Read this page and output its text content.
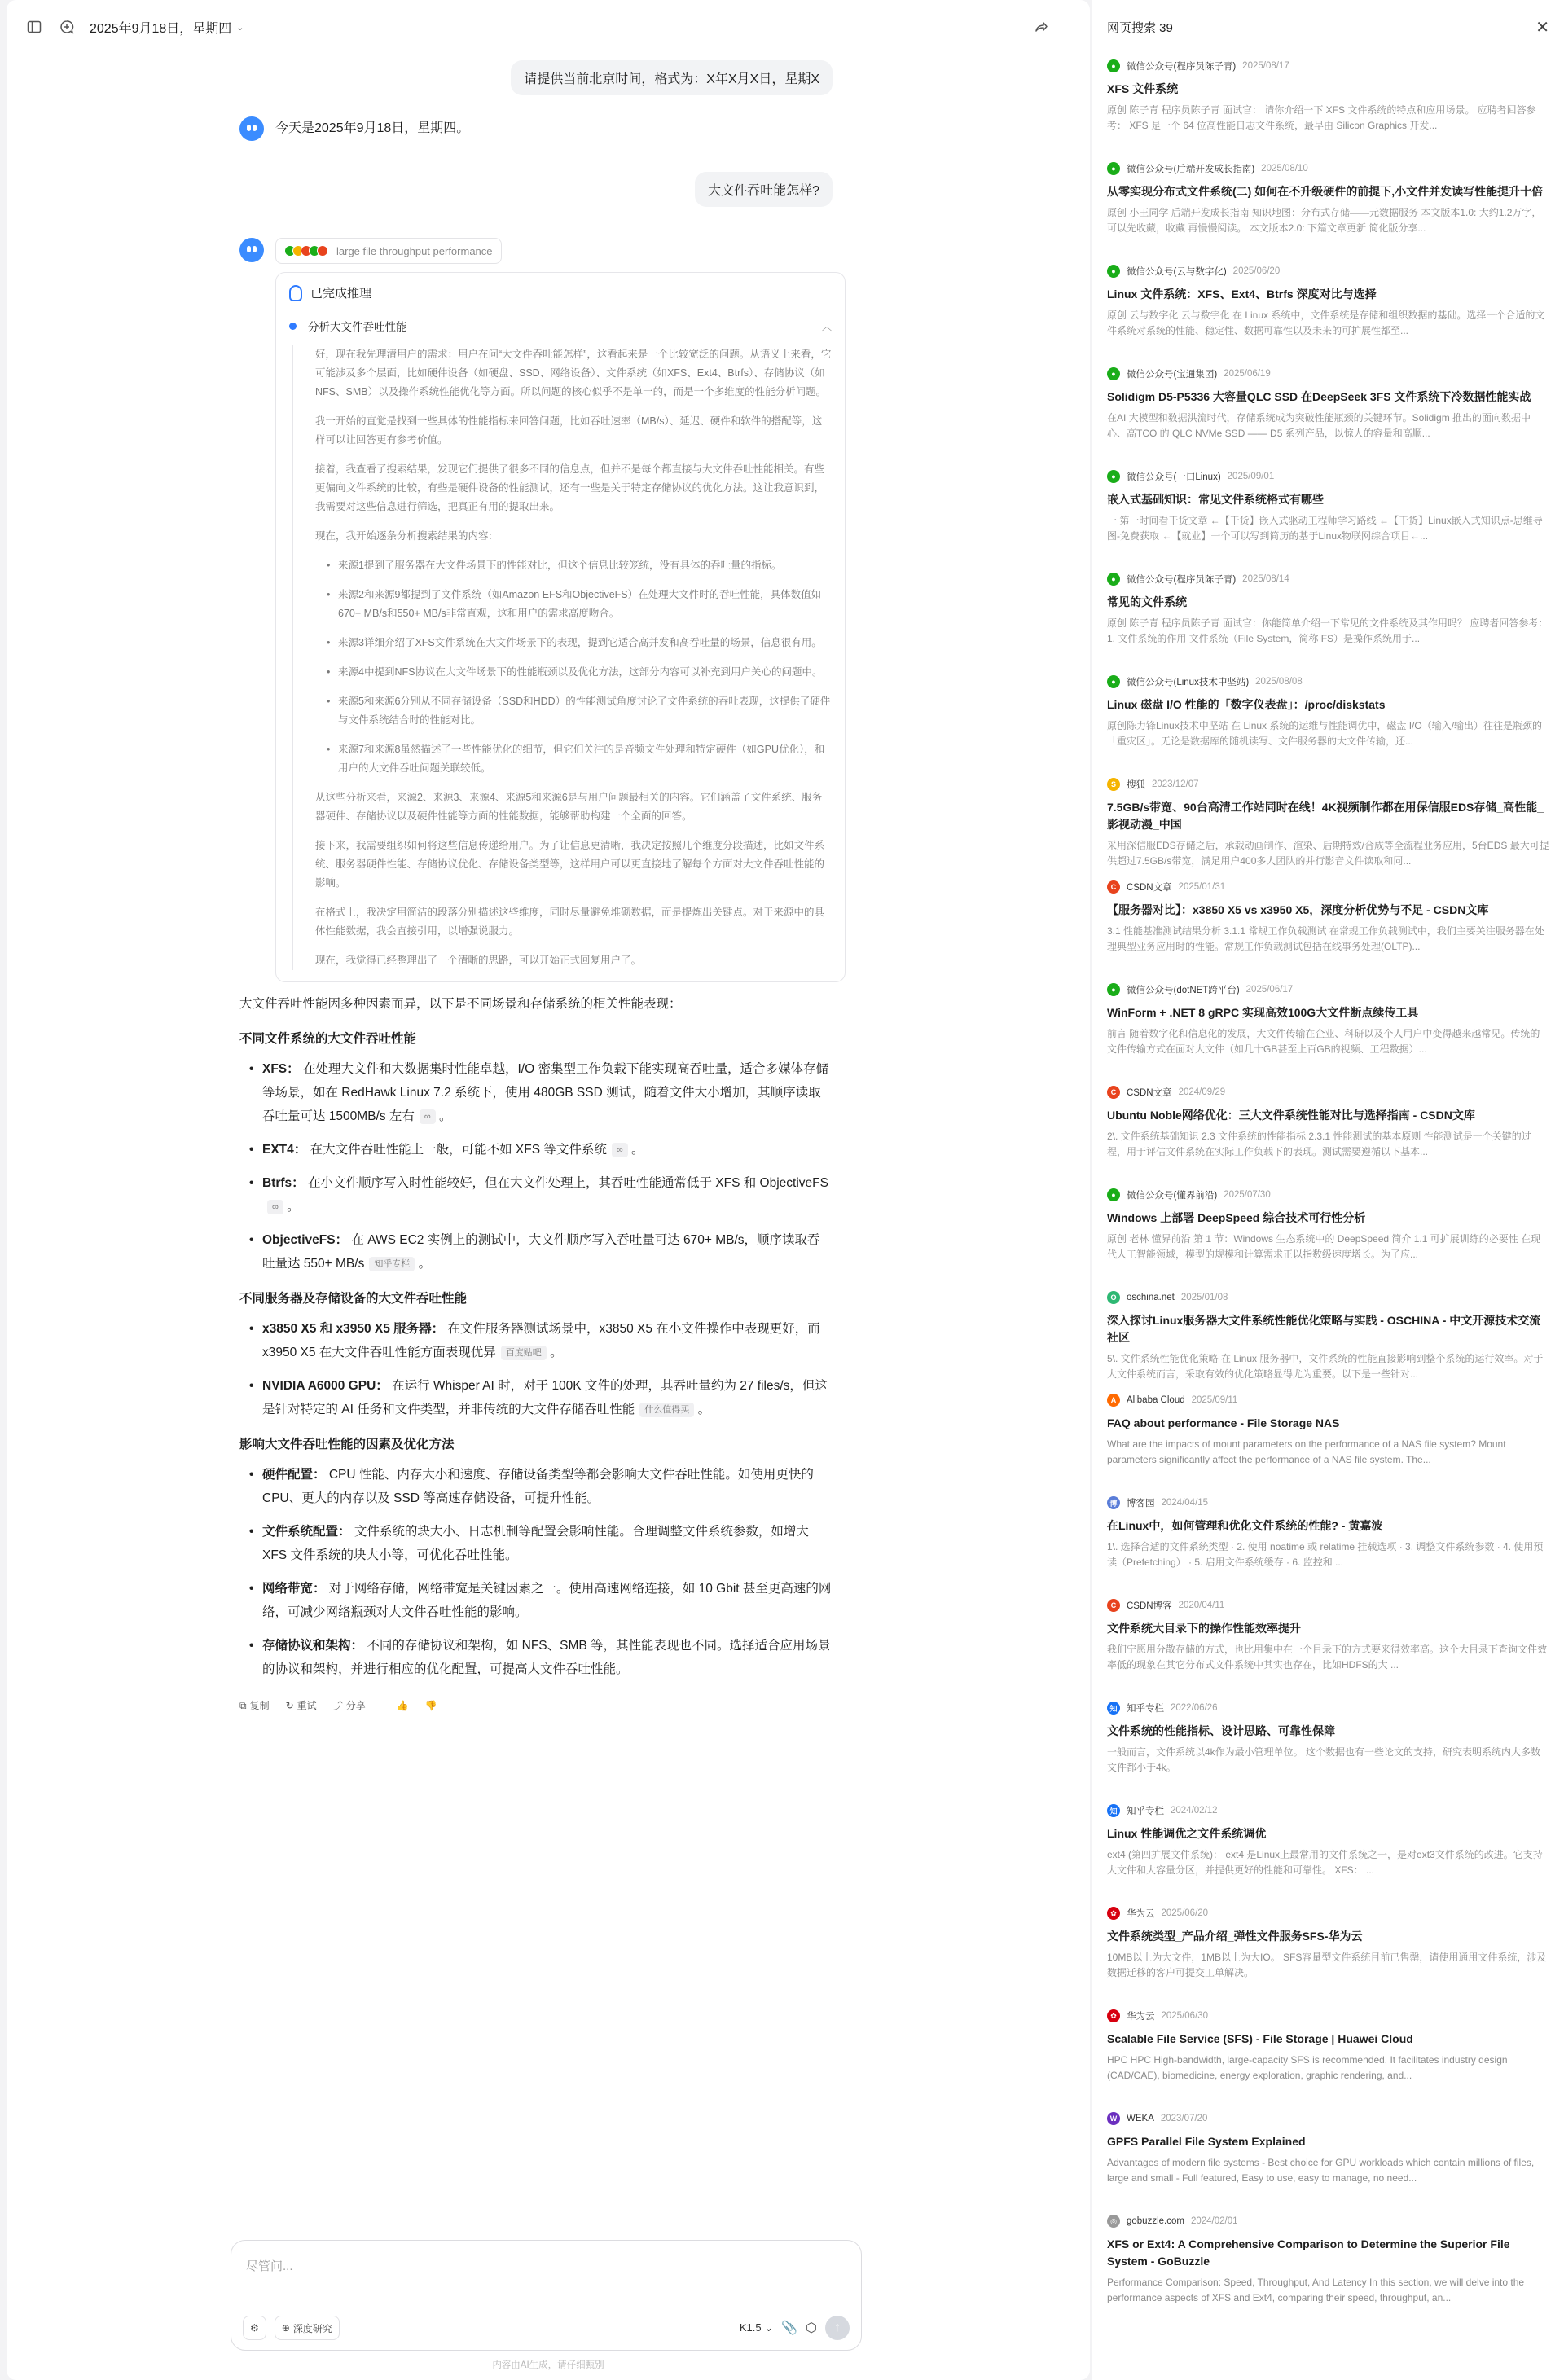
2025年9月18日，星期四 ⌄
请提供当前北京时间，格式为：X年X月X日，星期X
今天是2025年9月18日，星期四。
大文件吞吐能怎样?
large file throughput performance
已完成推理
分析大文件吞吐性能	︿

好，现在我先理清用户的需求：用户在问“大文件吞吐能怎样”，这看起来是一个比较宽泛的问题。从语义上来看，它可能涉及多个层面，比如硬件设备（如硬盘、SSD、网络设备）、文件系统（如XFS、Ext4、Btrfs）、存储协议（如NFS、SMB）以及操作系统性能优化等方面。所以问题的核心似乎不是单一的，而是一个多维度的性能分析问题。

我一开始的直觉是找到一些具体的性能指标来回答问题，比如吞吐速率（MB/s）、延迟、硬件和软件的搭配等，这样可以让回答更有参考价值。

接着，我查看了搜索结果，发现它们提供了很多不同的信息点，但并不是每个都直接与大文件吞吐性能相关。有些更偏向文件系统的比较，有些是硬件设备的性能测试，还有一些是关于特定存储协议的优化方法。这让我意识到，我需要对这些信息进行筛选，把真正有用的提取出来。

现在，我开始逐条分析搜索结果的内容：

• 来源1提到了服务器在大文件场景下的性能对比，但这个信息比较笼统，没有具体的吞吐量的指标。
• 来源2和来源9都提到了文件系统（如Amazon EFS和ObjectiveFS）在处理大文件时的吞吐性能，具体数值如670+ MB/s和550+ MB/s非常直观，这和用户的需求高度吻合。
• 来源3详细介绍了XFS文件系统在大文件场景下的表现，提到它适合高并发和高吞吐量的场景，信息很有用。
• 来源4中提到NFS协议在大文件场景下的性能瓶颈以及优化方法，这部分内容可以补充到用户关心的问题中。
• 来源5和来源6分别从不同存储设备（SSD和HDD）的性能测试角度讨论了文件系统的吞吐表现，这提供了硬件与文件系统结合时的性能对比。
• 来源7和来源8虽然描述了一些性能优化的细节，但它们关注的是音频文件处理和特定硬件（如GPU优化），和用户的大文件吞吐问题关联较低。

从这些分析来看，来源2、来源3、来源4、来源5和来源6是与用户问题最相关的内容。它们涵盖了文件系统、服务器硬件、存储协议以及硬件性能等方面的性能数据，能够帮助构建一个全面的回答。

接下来，我需要组织如何将这些信息传递给用户。为了让信息更清晰，我决定按照几个维度分段描述，比如文件系统、服务器硬件性能、存储协议优化、存储设备类型等，这样用户可以更直接地了解每个方面对大文件吞吐性能的影响。

在格式上，我决定用简洁的段落分别描述这些维度，同时尽量避免堆砌数据，而是提炼出关键点。对于来源中的具体性能数据，我会直接引用，以增强说服力。

现在，我觉得已经整理出了一个清晰的思路，可以开始正式回复用户了。

大文件吞吐性能因多种因素而异，以下是不同场景和存储系统的相关性能表现：
不同文件系统的大文件吞吐性能
• XFS： 在处理大文件和大数据集时性能卓越，I/O 密集型工作负载下能实现高吞吐量，适合多媒体存储等场景，如在 RedHawk Linux 7.2 系统下，使用 480GB SSD 测试，随着文件大小增加，其顺序读取吞吐量可达 1500MB/s 左右 ∞ 。
• EXT4： 在大文件吞吐性能上一般，可能不如 XFS 等文件系统 ∞ 。
• Btrfs： 在小文件顺序写入时性能较好，但在大文件处理上，其吞吐性能通常低于 XFS 和 ObjectiveFS∞ 。
• ObjectiveFS： 在 AWS EC2 实例上的测试中，大文件顺序写入吞吐量可达 670+ MB/s，顺序读取吞吐量达 550+ MB/s 知乎专栏 。
不同服务器及存储设备的大文件吞吐性能
• x3850 X5 和 x3950 X5 服务器： 在文件服务器测试场景中，x3850 X5 在小文件操作中表现更好，而 x3950 X5 在大文件吞吐性能方面表现优异 百度贴吧 。
• NVIDIA A6000 GPU： 在运行 Whisper AI 时，对于 100K 文件的处理，其吞吐量约为 27 files/s，但这是针对特定的 AI 任务和文件类型，并非传统的大文件存储吞吐性能 什么值得买 。
影响大文件吞吐性能的因素及优化方法
• 硬件配置： CPU 性能、内存大小和速度、存储设备类型等都会影响大文件吞吐性能。如使用更快的 CPU、更大的内存以及 SSD 等高速存储设备，可提升性能。
• 文件系统配置： 文件系统的块大小、日志机制等配置会影响性能。合理调整文件系统参数，如增大 XFS 文件系统的块大小等，可优化吞吐性能。
• 网络带宽： 对于网络存储，网络带宽是关键因素之一。使用高速网络连接，如 10 Gbit 甚至更高速的网络，可减少网络瓶颈对大文件吞吐性能的影响。
• 存储协议和架构： 不同的存储协议和架构，如 NFS、SMB 等，其性能表现也不同。选择适合应用场景的协议和架构，并进行相应的优化配置，可提高大文件吞吐性能。
⧉ 复制 ↻ 重试 ⤴ 分享	👍 👎
尽管问...
⚙ ⊕ 深度研究	K1.5 ⌄ 📎 ⬡	↑
内容由AI生成，请仔细甄别
网页搜索 39	✕
●	微信公众号(程序员陈子青) 2025/08/17
XFS 文件系统
原创 陈子青 程序员陈子青 面试官： 请你介绍一下 XFS 文件系统的特点和应用场景。 应聘者回答参考： XFS 是一个 64 位高性能日志文件系统，最早由 Silicon Graphics 开发...
●	微信公众号(后端开发成长指南) 2025/08/10
从零实现分布式文件系统(二) 如何在不升级硬件的前提下,小文件并发读写性能提升十倍
原创 小王同学 后端开发成长指南 知识地图：分布式存储——元数据服务 本文版本1.0: 大约1.2万字，可以先收藏，收藏 再慢慢阅读。 本文版本2.0: 下篇文章更新 简化版分享...
●	微信公众号(云与数字化) 2025/06/20
Linux 文件系统：XFS、Ext4、Btrfs 深度对比与选择
原创 云与数字化 云与数字化 在 Linux 系统中，文件系统是存储和组织数据的基础。选择一个合适的文件系统对系统的性能、稳定性、数据可靠性以及未来的可扩展性都至...
●	微信公众号(宝通集团) 2025/06/19
Solidigm D5-P5336 大容量QLC SSD 在DeepSeek 3FS 文件系统下冷数据性能实战
在AI 大模型和数据洪流时代，存储系统成为突破性能瓶颈的关键环节。Solidigm 推出的面向数据中心、高TCO 的 QLC NVMe SSD —— D5 系列产品，以惊人的容量和高顺...
●	微信公众号(一口Linux) 2025/09/01
嵌入式基础知识：常见文件系统格式有哪些
一 第一时间看干货文章 ←【干货】嵌入式驱动工程师学习路线 ←【干货】Linux嵌入式知识点-思维导图-免费获取 ←【就业】一个可以写到简历的基于Linux物联网综合项目←...
●	微信公众号(程序员陈子青) 2025/08/14
常见的文件系统
原创 陈子青 程序员陈子青 面试官：你能简单介绍一下常见的文件系统及其作用吗？ 应聘者回答参考： 1. 文件系统的作用 文件系统（File System，简称 FS）是操作系统用于...
●	微信公众号(Linux技术中坚站) 2025/08/08
Linux 磁盘 I/O 性能的「数字仪表盘」：/proc/diskstats
原创陈力锋Linux技术中坚站 在 Linux 系统的运维与性能调优中，磁盘 I/O（输入/输出）往往是瓶颈的「重灾区」。无论是数据库的随机读写、文件服务器的大文件传输，还...
S	搜狐 2023/12/07
7.5GB/s带宽、90台高清工作站同时在线！4K视频制作都在用保信服EDS存储_高性能_影视动漫_中国
采用深信服EDS存储之后，承载动画制作、渲染、后期特效/合成等全流程业务应用，5台EDS 最大可提供超过7.5GB/s带宽，满足用户400多人团队的并行影音文件读取和同...
C	CSDN文章 2025/01/31
【服务器对比】：x3850 X5 vs x3950 X5，深度分析优势与不足 - CSDN文库
3.1 性能基准测试结果分析 3.1.1 常规工作负载测试 在常规工作负载测试中，我们主要关注服务器在处理典型业务应用时的性能。常规工作负载测试包括在线事务处理(OLTP)...
●	微信公众号(dotNET跨平台) 2025/06/17
WinForm + .NET 8 gRPC 实现高效100G大文件断点续传工具
前言 随着数字化和信息化的发展，大文件传输在企业、科研以及个人用户中变得越来越常见。传统的文件传输方式在面对大文件（如几十GB甚至上百GB的视频、工程数据）...
C	CSDN文章 2024/09/29
Ubuntu Noble网络优化：三大文件系统性能对比与选择指南 - CSDN文库
2\. 文件系统基础知识 2.3 文件系统的性能指标 2.3.1 性能测试的基本原则 性能测试是一个关键的过程，用于评估文件系统在实际工作负载下的表现。测试需要遵循以下基本...
●	微信公众号(懂界前沿) 2025/07/30
Windows 上部署 DeepSpeed 综合技术可行性分析
原创 老林 懂界前沿 第 1 节：Windows 生态系统中的 DeepSpeed 简介 1.1 可扩展训练的必要性 在现代人工智能领域，模型的规模和计算需求正以指数级速度增长。为了应...
O	oschina.net 2025/01/08
深入探讨Linux服务器大文件系统性能优化策略与实践 - OSCHINA - 中文开源技术交流社区
5\. 文件系统性能优化策略 在 Linux 服务器中，文件系统的性能直接影响到整个系统的运行效率。对于大文件系统而言，采取有效的优化策略显得尤为重要。以下是一些针对...
A	Alibaba Cloud 2025/09/11
FAQ about performance - File Storage NAS
What are the impacts of mount parameters on the performance of a NAS file system? Mount parameters significantly affect the performance of a NAS file system. The...
博	博客园 2024/04/15
在Linux中，如何管理和优化文件系统的性能? - 黄嘉波
1\. 选择合适的文件系统类型 · 2. 使用 noatime 或 relatime 挂载选项 · 3. 调整文件系统参数 · 4. 使用预读（Prefetching） · 5. 启用文件系统缓存 · 6. 监控和 ...
C	CSDN博客 2020/04/11
文件系统大目录下的操作性能效率提升
我们宁愿用分散存储的方式，也比用集中在一个目录下的方式要来得效率高。这个大目录下查询文件效率低的现象在其它分布式文件系统中其实也存在，比如HDFS的大 ...
知	知乎专栏 2022/06/26
文件系统的性能指标、设计思路、可靠性保障
一般而言，文件系统以4k作为最小管理单位。 这个数据也有一些论文的支持，研究表明系统内大多数文件都小于4k。
知	知乎专栏 2024/02/12
Linux 性能调优之文件系统调优
ext4 (第四扩展文件系统)： ext4 是Linux上最常用的文件系统之一，是对ext3文件系统的改进。它支持大文件和大容量分区，并提供更好的性能和可靠性。 XFS： ...
✿	华为云 2025/06/20
文件系统类型_产品介绍_弹性文件服务SFS-华为云
10MB以上为大文件，1MB以上为大IO。 SFS容量型文件系统目前已售罄，请使用通用文件系统，涉及数据迁移的客户可提交工单解决。
✿	华为云 2025/06/30
Scalable File Service (SFS) - File Storage | Huawei Cloud
HPC HPC High-bandwidth, large-capacity SFS is recommended. It facilitates industry design (CAD/CAE), biomedicine, energy exploration, graphic rendering, and...
W	WEKA 2023/07/20
GPFS Parallel File System Explained
Advantages of modern file systems - Best choice for GPU workloads which contain millions of files, large and small - Full featured, Easy to use, easy to manage, no need...
◎	gobuzzle.com 2024/02/01
XFS or Ext4: A Comprehensive Comparison to Determine the Superior File System - GoBuzzle
Performance Comparison: Speed, Throughput, And Latency In this section, we will delve into the performance aspects of XFS and Ext4, comparing their speed, throughput, an...
